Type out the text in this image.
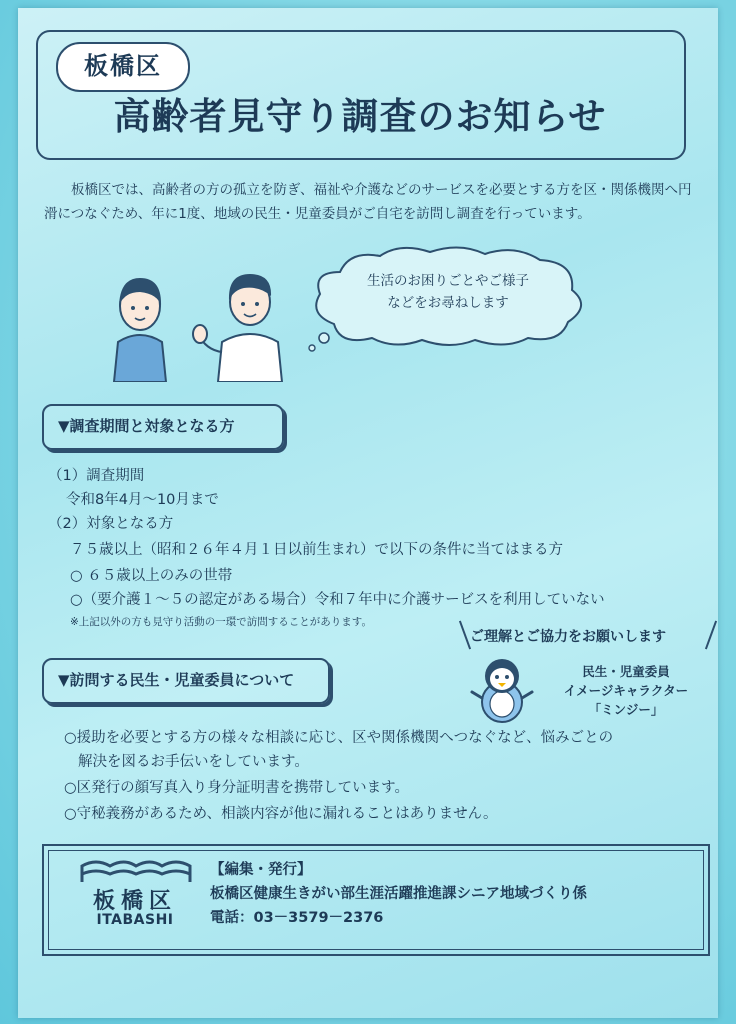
板橋区
高齢者見守り調査のお知らせ
板橋区では、高齢者の方の孤立を防ぎ、福祉や介護などのサービスを必要とする方を区・関係機関へ円滑につなぐため、年に1度、地域の民生・児童委員がご自宅を訪問し調査を行っています。
生活のお困りごとやご様子
などをお尋ねします
▼調査期間と対象となる方
（1）調査期間
令和8年4月～10月まで
（2）対象となる方
７５歳以上（昭和２６年４月１日以前生まれ）で以下の条件に当てはまる方
○ ６５歳以上のみの世帯
○（要介護１～５の認定がある場合）令和７年中に介護サービスを利用していない
※上記以外の方も見守り活動の一環で訪問することがあります。
ご理解とご協力をお願いします
民生・児童委員
イメージキャラクター
「ミンジー」
▼訪問する民生・児童委員について
○援助を必要とする方の様々な相談に応じ、区や関係機関へつなぐなど、悩みごとの
解決を図るお手伝いをしています。
○区発行の顔写真入り身分証明書を携帯しています。
○守秘義務があるため、相談内容が他に漏れることはありません。
板橋区
ITABASHI
【編集・発行】
板橋区健康生きがい部生涯活躍推進課シニア地域づくり係
電話：03－3579－2376
